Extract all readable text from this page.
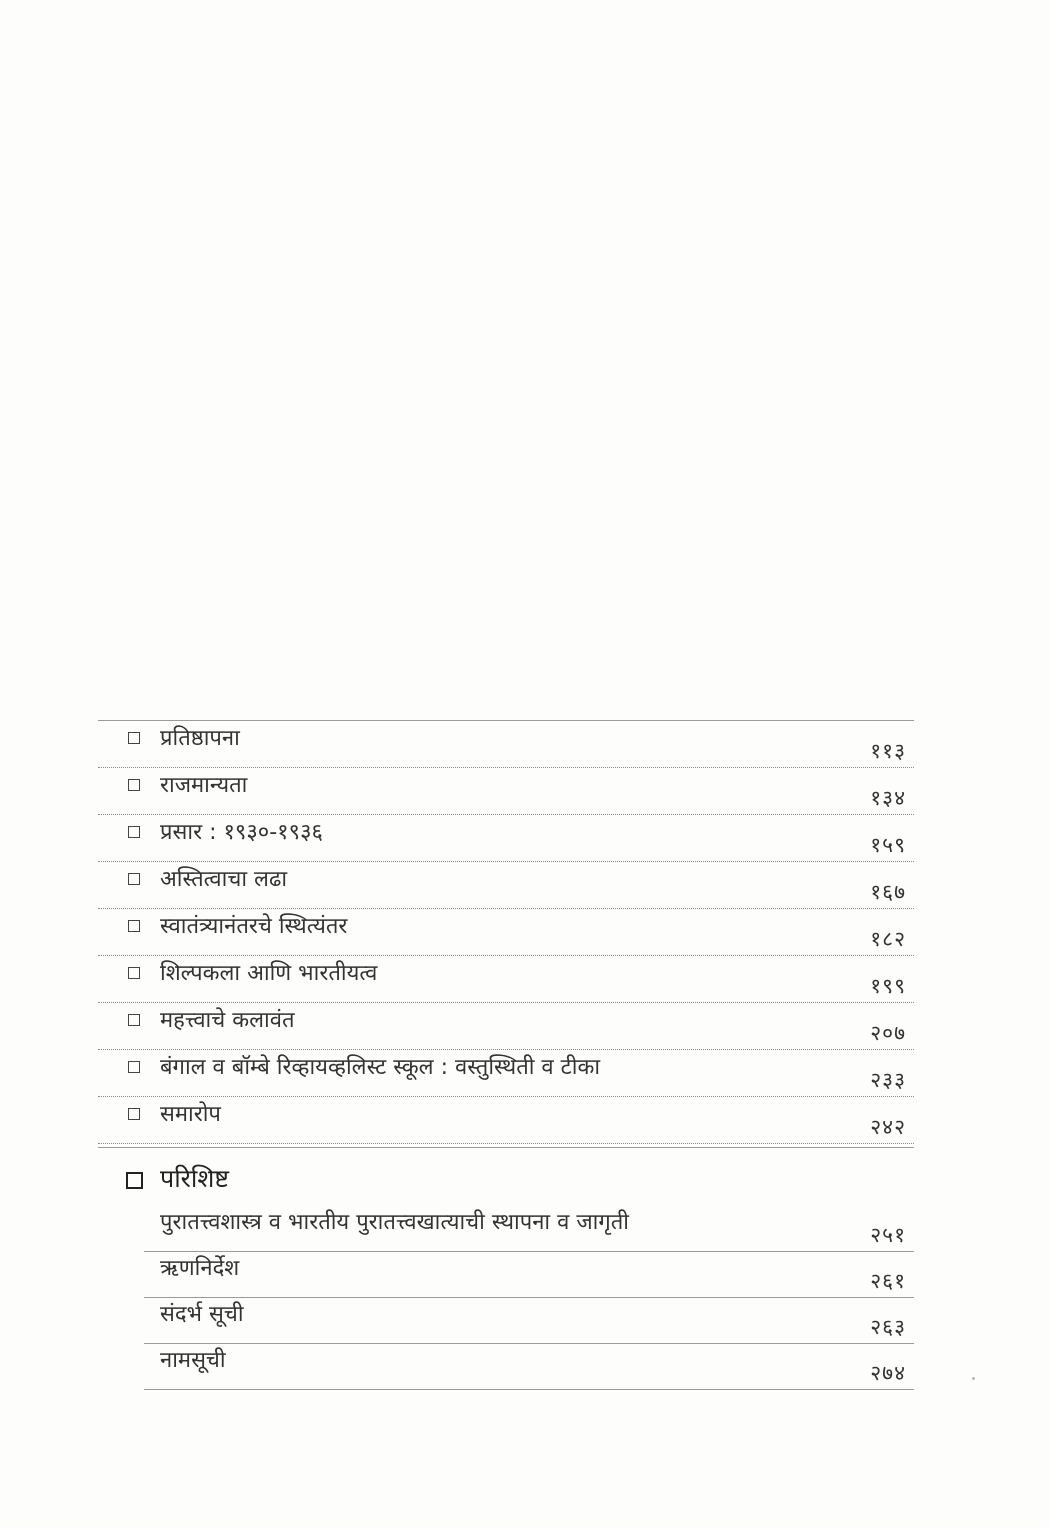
प्रतिष्ठापना	११३
राजमान्यता	१३४
प्रसार : १९३०-१९३६	१५९
अस्तित्वाचा लढा	१६७
स्वातंत्र्यानंतरचे स्थित्यंतर	१८२
शिल्पकला आणि भारतीयत्व	१९९
महत्त्वाचे कलावंत	२०७
बंगाल व बॉम्बे रिव्हायव्हलिस्ट स्कूल : वस्तुस्थिती व टीका	२३३
समारोप	२४२
परिशिष्ट
पुरातत्त्वशास्त्र व भारतीय पुरातत्त्वखात्याची स्थापना व जागृती	२५१
ऋणनिर्देश	२६१
संदर्भ सूची	२६३
नामसूची	२७४
